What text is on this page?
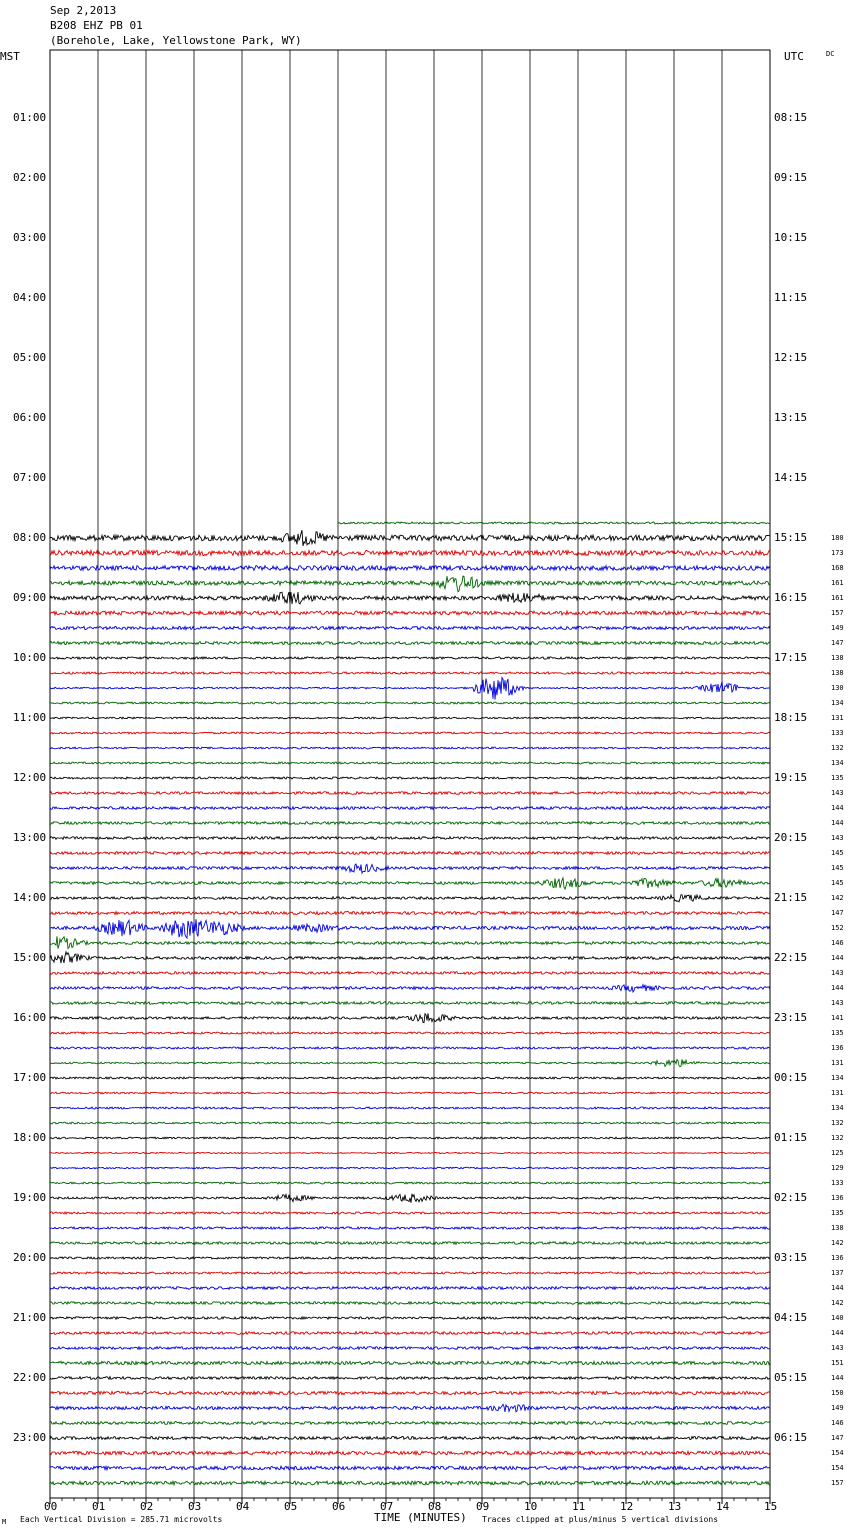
Sep 2,2013
B208 EHZ PB 01
(Borehole, Lake, Yellowstone Park, WY)
MST	UTC	DC
01:00
02:00
03:00
04:00
05:00
06:00
07:00
08:00
09:00
10:00
11:00
12:00
13:00
14:00
15:00
16:00
17:00
18:00
19:00
20:00
21:00
22:00
23:00
08:15
09:15
10:15
11:15
12:15
13:15
14:15
15:15
16:15
17:15
18:15
19:15
20:15
21:15
22:15
23:15
00:15
01:15
02:15
03:15
04:15
05:15
06:15
180
173
168
161
161
157
149
147
138
138
130
134
131
133
132
134
135
143
144
144
143
145
145
145
142
147
152
146
144
143
144
143
141
135
136
131
134
131
134
132
132
125
129
133
136
135
138
142
136
137
144
142
140
144
143
151
144
150
149
146
147
154
154
157
00	01	02	03	04	05	06	07	08	09	10	11	12	13	14	15
M Each Vertical Division = 285.71 microvolts	TIME (MINUTES) Traces clipped at plus/minus 5 vertical divisions
